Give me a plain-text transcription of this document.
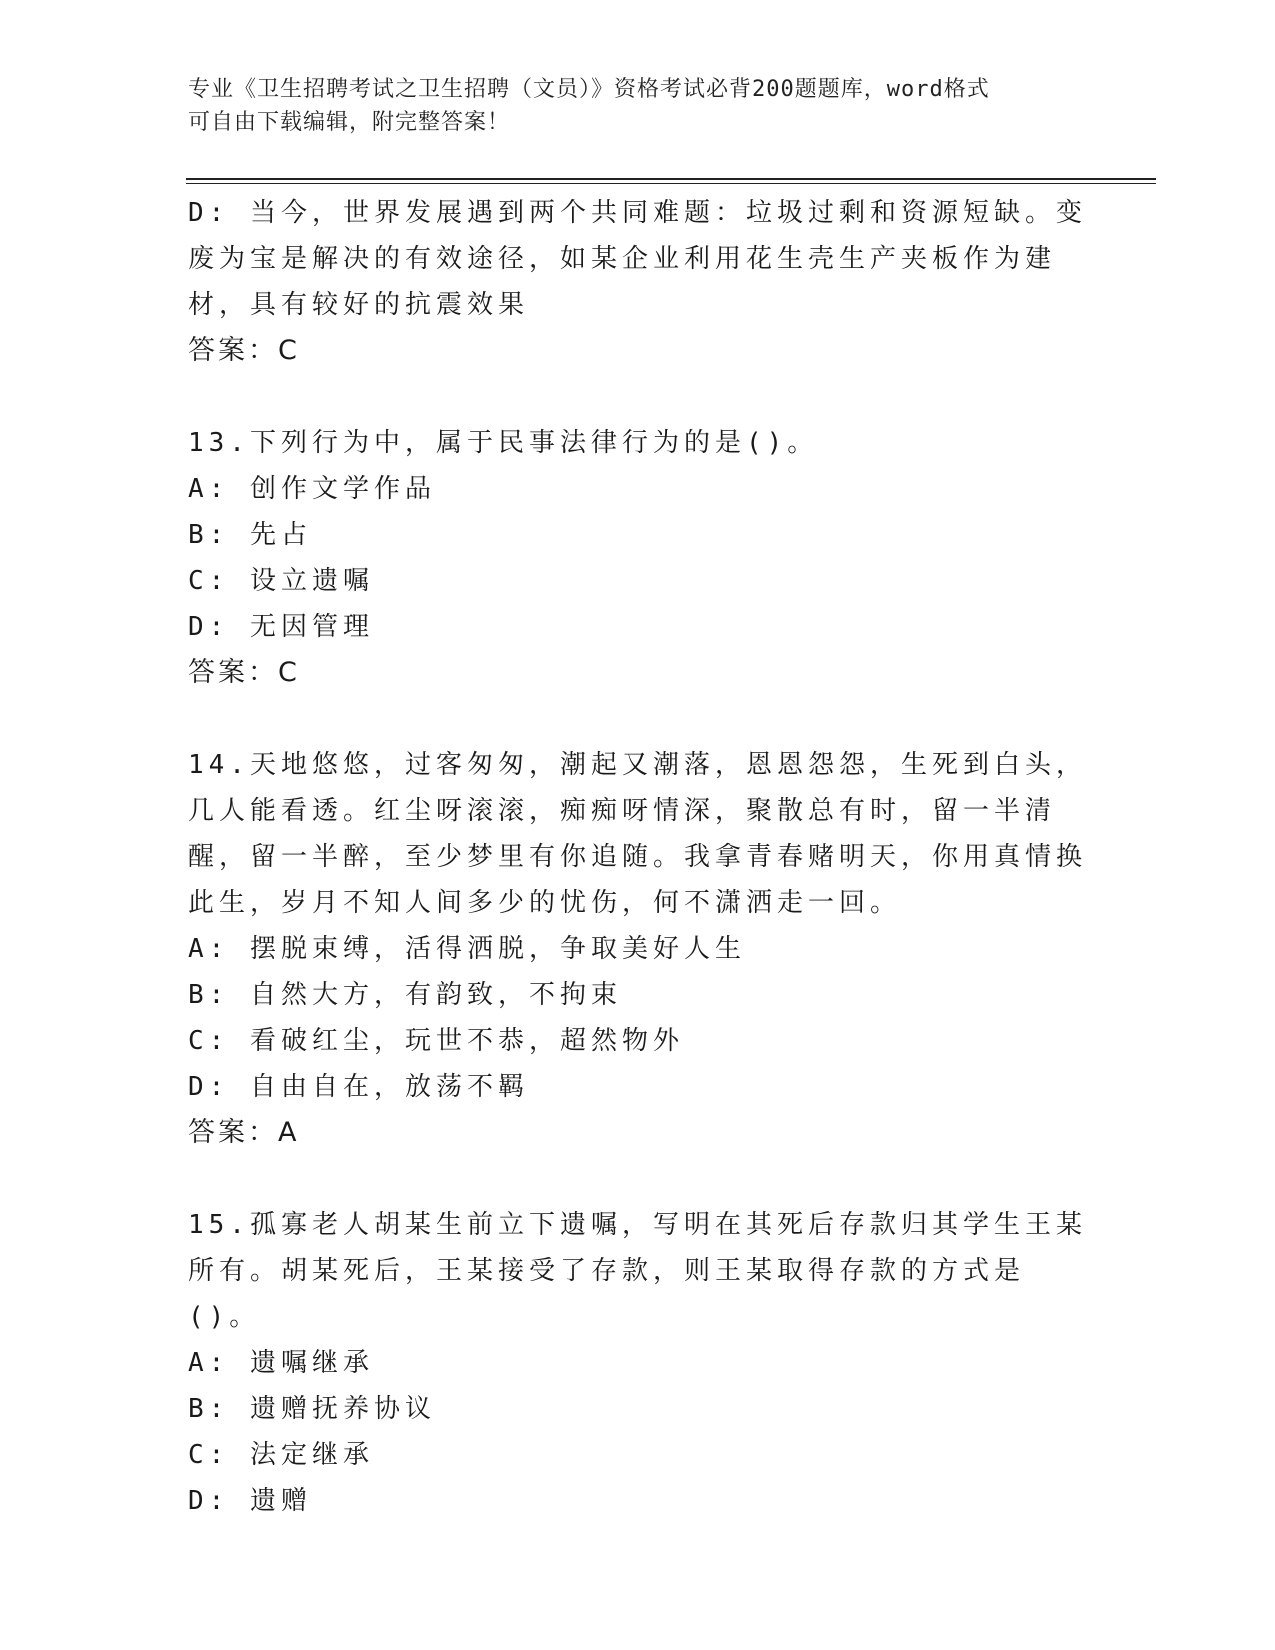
专业《卫生招聘考试之卫生招聘（文员）》资格考试必背200题题库，word格式
可自由下载编辑，附完整答案！
D: 当今，世界发展遇到两个共同难题：垃圾过剩和资源短缺。变废为宝是解决的有效途径，如某企业利用花生壳生产夹板作为建材，具有较好的抗震效果
答案：C
13.下列行为中，属于民事法律行为的是()。
A: 创作文学作品
B: 先占
C: 设立遗嘱
D: 无因管理
答案：C
14.天地悠悠，过客匆匆，潮起又潮落，恩恩怨怨，生死到白头，几人能看透。红尘呀滚滚，痴痴呀情深，聚散总有时，留一半清醒，留一半醉，至少梦里有你追随。我拿青春赌明天，你用真情换此生，岁月不知人间多少的忧伤，何不潇洒走一回。
A: 摆脱束缚，活得洒脱，争取美好人生
B: 自然大方，有韵致，不拘束
C: 看破红尘，玩世不恭，超然物外
D: 自由自在，放荡不羁
答案：A
15.孤寡老人胡某生前立下遗嘱，写明在其死后存款归其学生王某所有。胡某死后，王某接受了存款，则王某取得存款的方式是()。
A: 遗嘱继承
B: 遗赠抚养协议
C: 法定继承
D: 遗赠
